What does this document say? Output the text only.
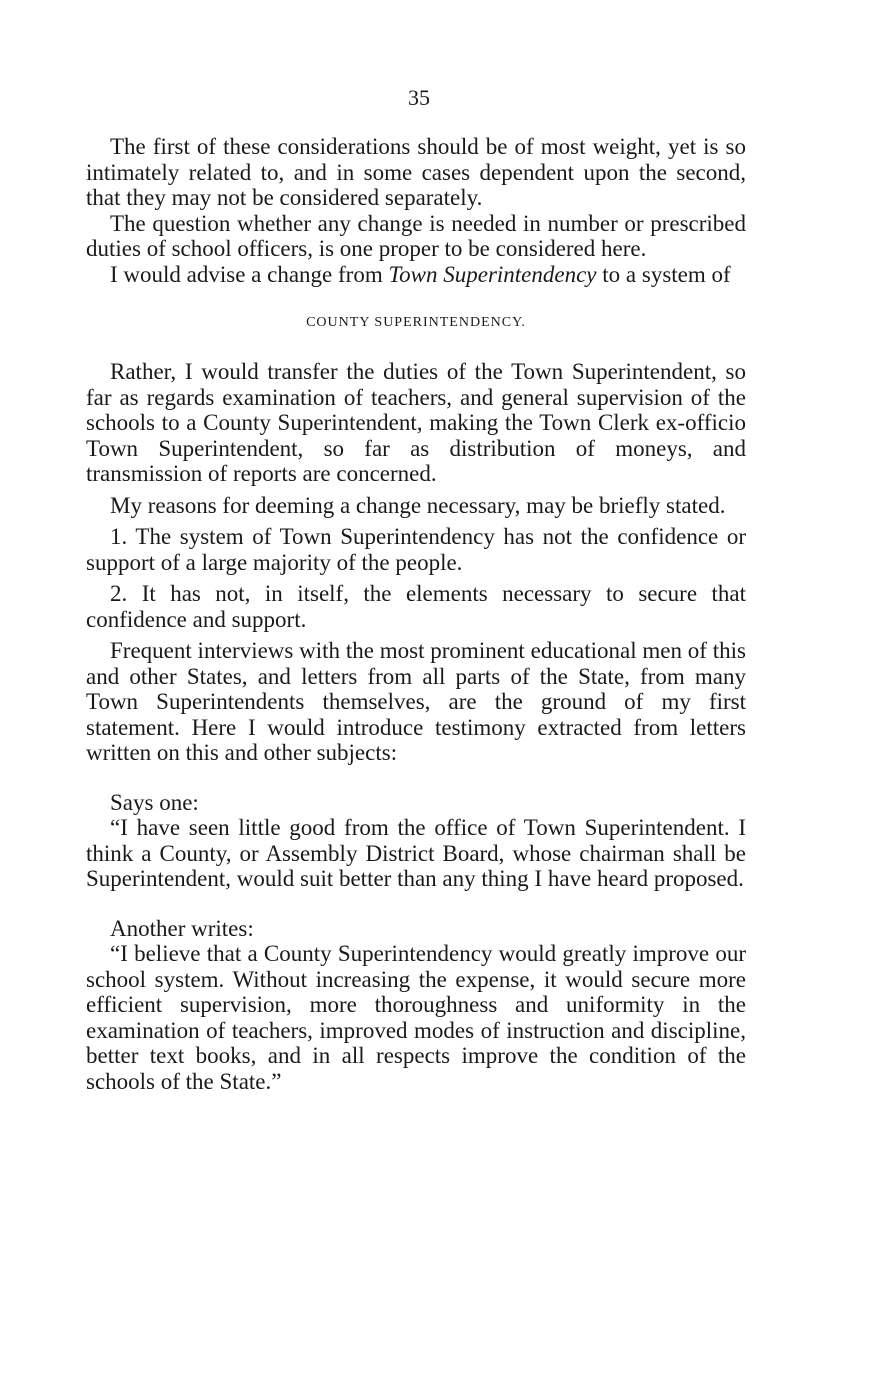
35

The first of these considerations should be of most weight, yet is so intimately related to, and in some cases dependent upon the second, that they may not be considered separately.

The question whether any change is needed in number or prescribed duties of school officers, is one proper to be considered here.

I would advise a change from Town Superintendency to a system of

COUNTY SUPERINTENDENCY.

Rather, I would transfer the duties of the Town Superintendent, so far as regards examination of teachers, and general supervision of the schools to a County Superintendent, making the Town Clerk ex-officio Town Superintendent, so far as distribution of moneys, and transmission of reports are concerned.

My reasons for deeming a change necessary, may be briefly stated.

1. The system of Town Superintendency has not the confidence or support of a large majority of the people.

2. It has not, in itself, the elements necessary to secure that confidence and support.

Frequent interviews with the most prominent educational men of this and other States, and letters from all parts of the State, from many Town Superintendents themselves, are the ground of my first statement. Here I would introduce testimony extracted from letters written on this and other subjects:

Says one:

“I have seen little good from the office of Town Superintendent. I think a County, or Assembly District Board, whose chairman shall be Superintendent, would suit better than any thing I have heard proposed.

Another writes:

“I believe that a County Superintendency would greatly improve our school system. Without increasing the expense, it would secure more efficient supervision, more thoroughness and uniformity in the examination of teachers, improved modes of instruction and discipline, better text books, and in all respects improve the condition of the schools of the State.”
